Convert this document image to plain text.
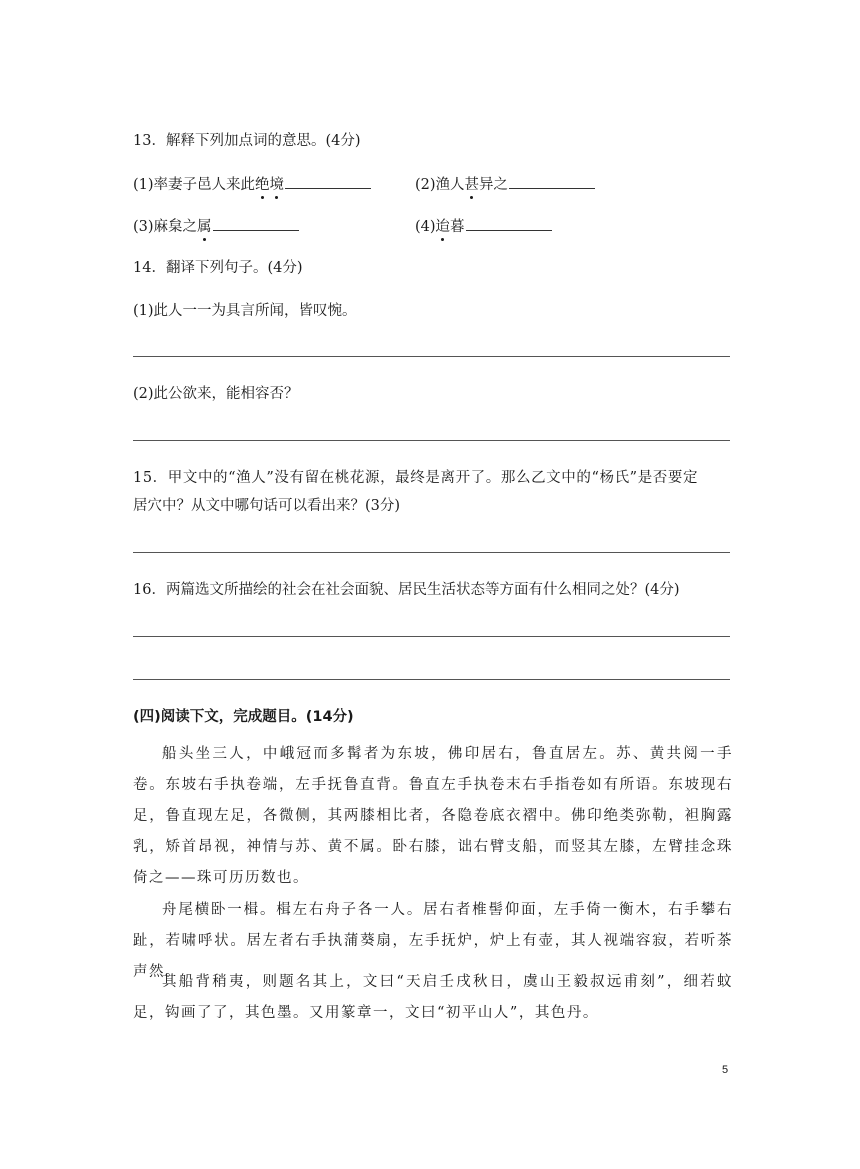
13．解释下列加点词的意思。(4分)
(1)率妻子邑人来此绝境	(2)渔人甚异之
(3)麻枲之属	(4)迨暮
14．翻译下列句子。(4分)
(1)此人一一为具言所闻，皆叹惋。
(2)此公欲来，能相容否？
15．甲文中的“渔人”没有留在桃花源，最终是离开了。那么乙文中的“杨氏”是否要定
居穴中？从文中哪句话可以看出来？(3分)
16．两篇选文所描绘的社会在社会面貌、居民生活状态等方面有什么相同之处？(4分)
(四)阅读下文，完成题目。(14分)

船头坐三人，中峨冠而多髯者为东坡，佛印居右，鲁直居左。苏、黄共阅一手卷。东坡右手执卷端，左手抚鲁直背。鲁直左手执卷末右手指卷如有所语。东坡现右足，鲁直现左足，各微侧，其两膝相比者，各隐卷底衣褶中。佛印绝类弥勒，袒胸露乳，矫首昂视，神情与苏、黄不属。卧右膝，诎右臂支船，而竖其左膝，左臂挂念珠倚之——珠可历历数也。

舟尾横卧一楫。楫左右舟子各一人。居右者椎髻仰面，左手倚一衡木，右手攀右趾，若啸呼状。居左者右手执蒲葵扇，左手抚炉，炉上有壶，其人视端容寂，若听茶声然。

其船背稍夷，则题名其上，文曰“天启壬戌秋日，虞山王毅叔远甫刻”，细若蚊足，钩画了了，其色墨。又用篆章一，文曰“初平山人”，其色丹。

5
